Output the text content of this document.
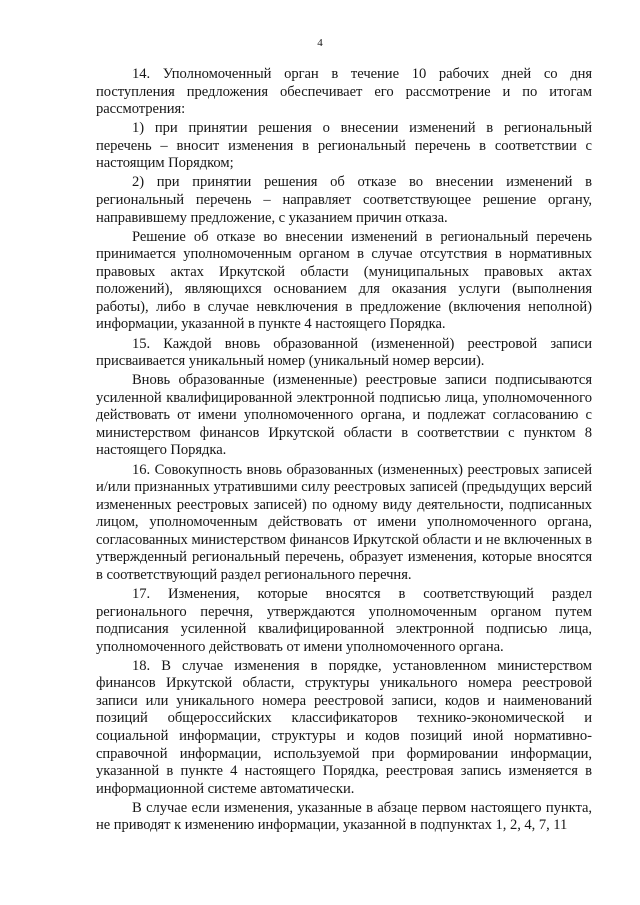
4

14. Уполномоченный орган в течение 10 рабочих дней со дня поступления предложения обеспечивает его рассмотрение и по итогам рассмотрения:

1) при принятии решения о внесении изменений в региональный перечень – вносит изменения в региональный перечень в соответствии с настоящим Порядком;

2) при принятии решения об отказе во внесении изменений в региональный перечень – направляет соответствующее решение органу, направившему предложение, с указанием причин отказа.

Решение об отказе во внесении изменений в региональный перечень принимается уполномоченным органом в случае отсутствия в нормативных правовых актах Иркутской области (муниципальных правовых актах положений), являющихся основанием для оказания услуги (выполнения работы), либо в случае невключения в предложение (включения неполной) информации, указанной в пункте 4 настоящего Порядка.

15. Каждой вновь образованной (измененной) реестровой записи присваивается уникальный номер (уникальный номер версии).

Вновь образованные (измененные) реестровые записи подписываются усиленной квалифицированной электронной подписью лица, уполномоченного действовать от имени уполномоченного органа, и подлежат согласованию с министерством финансов Иркутской области в соответствии с пунктом 8 настоящего Порядка.

16. Совокупность вновь образованных (измененных) реестровых записей и/или признанных утратившими силу реестровых записей (предыдущих версий измененных реестровых записей) по одному виду деятельности, подписанных лицом, уполномоченным действовать от имени уполномоченного органа, согласованных министерством финансов Иркутской области и не включенных в утвержденный региональный перечень, образует изменения, которые вносятся в соответствующий раздел регионального перечня.

17. Изменения, которые вносятся в соответствующий раздел регионального перечня, утверждаются уполномоченным органом путем подписания усиленной квалифицированной электронной подписью лица, уполномоченного действовать от имени уполномоченного органа.

18. В случае изменения в порядке, установленном министерством финансов Иркутской области, структуры уникального номера реестровой записи или уникального номера реестровой записи, кодов и наименований позиций общероссийских классификаторов технико-экономической и социальной информации, структуры и кодов позиций иной нормативно-справочной информации, используемой при формировании информации, указанной в пункте 4 настоящего Порядка, реестровая запись изменяется в информационной системе автоматически.

В случае если изменения, указанные в абзаце первом настоящего пункта, не приводят к изменению информации, указанной в подпунктах 1, 2, 4, 7, 11
